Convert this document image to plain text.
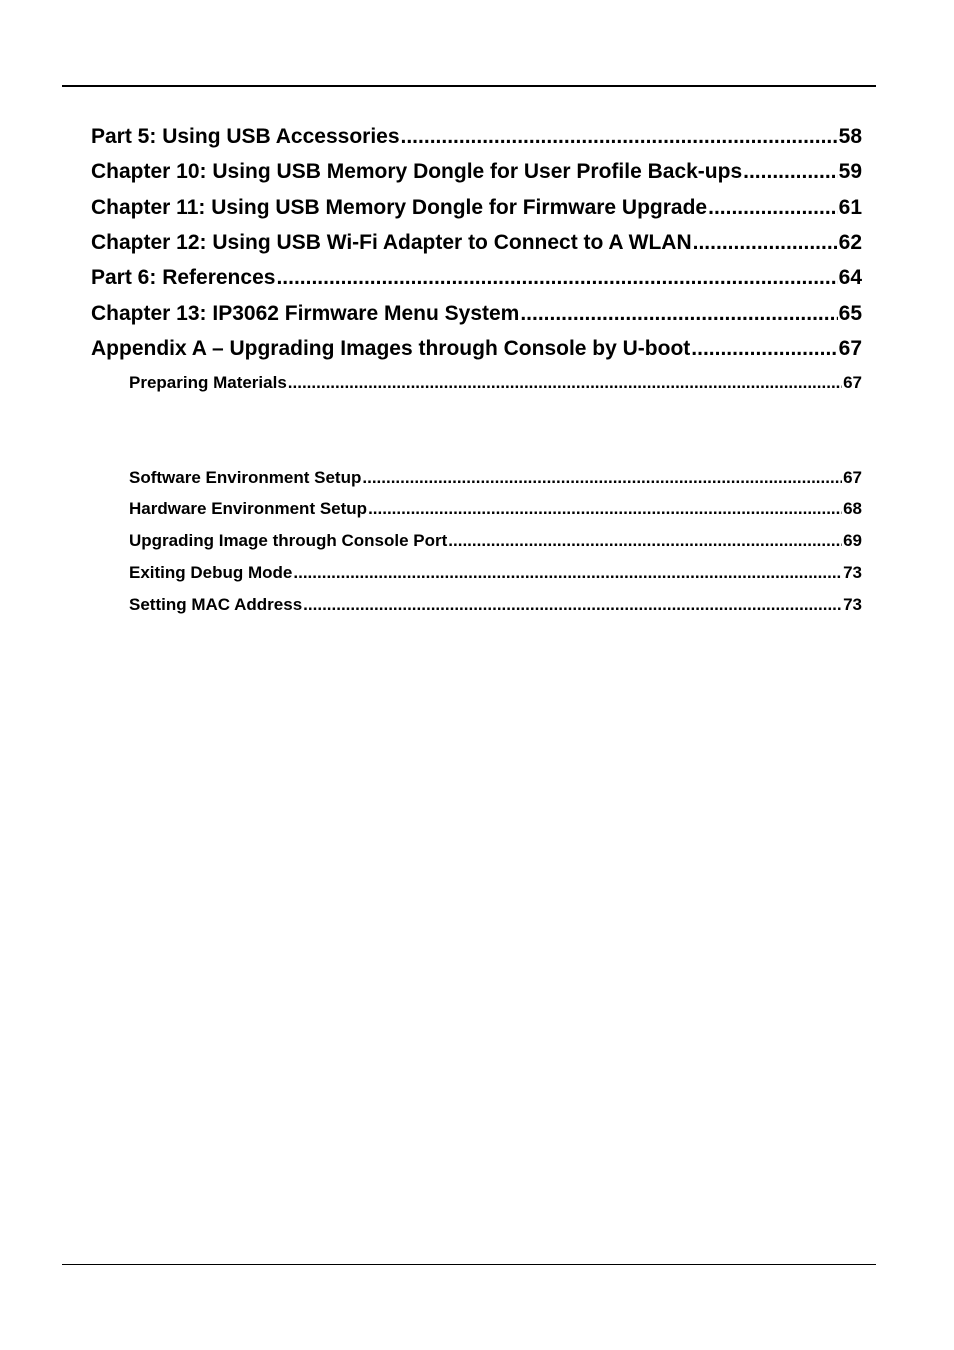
Part 5: Using USB Accessories .....	58
Chapter 10: Using USB Memory Dongle for User Profile Back-ups .....	59
Chapter 11: Using USB Memory Dongle for Firmware Upgrade .....	61
Chapter 12: Using USB Wi-Fi Adapter to Connect to A WLAN .....	62
Part 6: References .....	64
Chapter 13: IP3062 Firmware Menu System .....	65
Appendix A – Upgrading Images through Console by U-boot .....	67
Preparing Materials .....	67
Software Environment Setup .....	67
Hardware Environment Setup .....	68
Upgrading Image through Console Port .....	69
Exiting Debug Mode .....	73
Setting MAC Address .....	73
